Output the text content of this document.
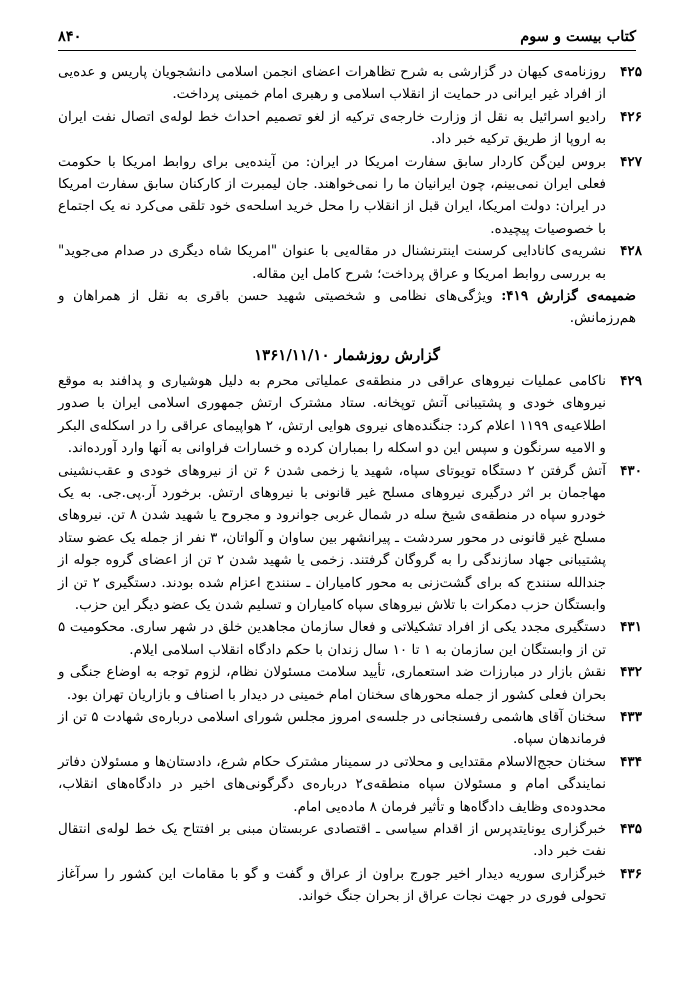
کتاب بیست و سوم
۸۴۰
۴۲۵
روزنامه‌ی کیهان در گزارشی به شرح تظاهرات اعضای انجمن اسلامی دانشجویان پاریس و عده‌یی از افراد غیر ایرانی در حمایت از انقلاب اسلامی و رهبری امام خمینی پرداخت.
۴۲۶
رادیو اسرائیل به نقل از وزارت خارجه‌ی ترکیه از لغو تصمیم احداث خط لوله‌ی اتصال نفت ایران به اروپا از طریق ترکیه خبر داد.
۴۲۷
بروس لین‌گن کاردار سابق سفارت امریکا در ایران: من آینده‌یی برای روابط امریکا با حکومت فعلی ایران نمی‌بینم، چون ایرانیان ما را نمی‌خواهند. جان لیمبرت از کارکنان سابق سفارت امریکا در ایران: دولت امریکا، ایران قبل از انقلاب را محل خرید اسلحه‌ی خود تلقی می‌کرد نه یک اجتماع با خصوصیات پیچیده.
۴۲۸
نشریه‌ی کانادایی کرسنت اینترنشنال در مقاله‌یی با عنوان "امریکا شاه دیگری در صدام می‌جوید" به بررسی روابط امریکا و عراق پرداخت؛ شرح کامل این مقاله.
ضمیمه‌ی گزارش ۴۱۹: ویژگی‌های نظامی و شخصیتی شهید حسن باقری به نقل از همراهان و هم‌رزمانش.
گزارش روزشمار ۱۳۶۱/۱۱/۱۰
۴۲۹
ناکامی عملیات نیروهای عراقی در منطقه‌ی عملیاتی محرم به دلیل هوشیاری و پدافند به موقع نیروهای خودی و پشتیبانی آتش توپخانه. ستاد مشترک ارتش جمهوری اسلامی ایران با صدور اطلاعیه‌ی ۱۱۹۹ اعلام کرد: جنگنده‌های نیروی هوایی ارتش، ۲ هواپیمای عراقی را در اسکله‌ی البکر و الامیه سرنگون و سپس این دو اسکله را بمباران کرده و خسارات فراوانی به آنها وارد آورده‌اند.
۴۳۰
آتش گرفتن ۲ دستگاه تویوتای سپاه، شهید یا زخمی شدن ۶ تن از نیروهای خودی و عقب‌نشینی مهاجمان بر اثر درگیری نیروهای مسلح غیر قانونی با نیروهای ارتش. برخورد آر.پی.جی. به یک خودرو سپاه در منطقه‌ی شیخ سله در شمال غربی جوانرود و مجروح یا شهید شدن ۸ تن. نیروهای مسلح غیر قانونی در محور سردشت ـ پیرانشهر بین ساوان و آلواتان، ۳ نفر از جمله یک عضو ستاد پشتیبانی جهاد سازندگی را به گروگان گرفتند. زخمی یا شهید شدن ۲ تن از اعضای گروه جوله از جندالله سنندج که برای گشت‌زنی به محور کامیاران ـ سنندج اعزام شده بودند. دستگیری ۲ تن از وابستگان حزب دمکرات با تلاش نیروهای سپاه کامیاران و تسلیم شدن یک عضو دیگر این حزب.
۴۳۱
دستگیری مجدد یکی از افراد تشکیلاتی و فعال سازمان مجاهدین خلق در شهر ساری. محکومیت ۵ تن از وابستگان این سازمان به ۱ تا ۱۰ سال زندان با حکم دادگاه انقلاب اسلامی ایلام.
۴۳۲
نقش بازار در مبارزات ضد استعماری، تأیید سلامت مسئولان نظام، لزوم توجه به اوضاع جنگی و بحران فعلی کشور از جمله محورهای سخنان امام خمینی در دیدار با اصناف و بازاریان تهران بود.
۴۳۳
سخنان آقای هاشمی رفسنجانی در جلسه‌ی امروز مجلس شورای اسلامی درباره‌ی شهادت ۵ تن از فرماندهان سپاه.
۴۳۴
سخنان حجج‌الاسلام مقتدایی و محلاتی در سمینار مشترک حکام شرع، دادستان‌ها و مسئولان دفاتر نمایندگی امام و مسئولان سپاه منطقه‌ی۲ درباره‌ی دگرگونی‌های اخیر در دادگاه‌های انقلاب، محدوده‌ی وظایف دادگاه‌ها و تأثیر فرمان ۸ ماده‌یی امام.
۴۳۵
خبرگزاری یونایتدپرس از اقدام سیاسی ـ اقتصادی عربستان مبنی بر افتتاح یک خط لوله‌ی انتقال نفت خبر داد.
۴۳۶
خبرگزاری سوریه دیدار اخیر جورج براون از عراق و گفت و گو با مقامات این کشور را سرآغاز تحولی فوری در جهت نجات عراق از بحران جنگ خواند.
